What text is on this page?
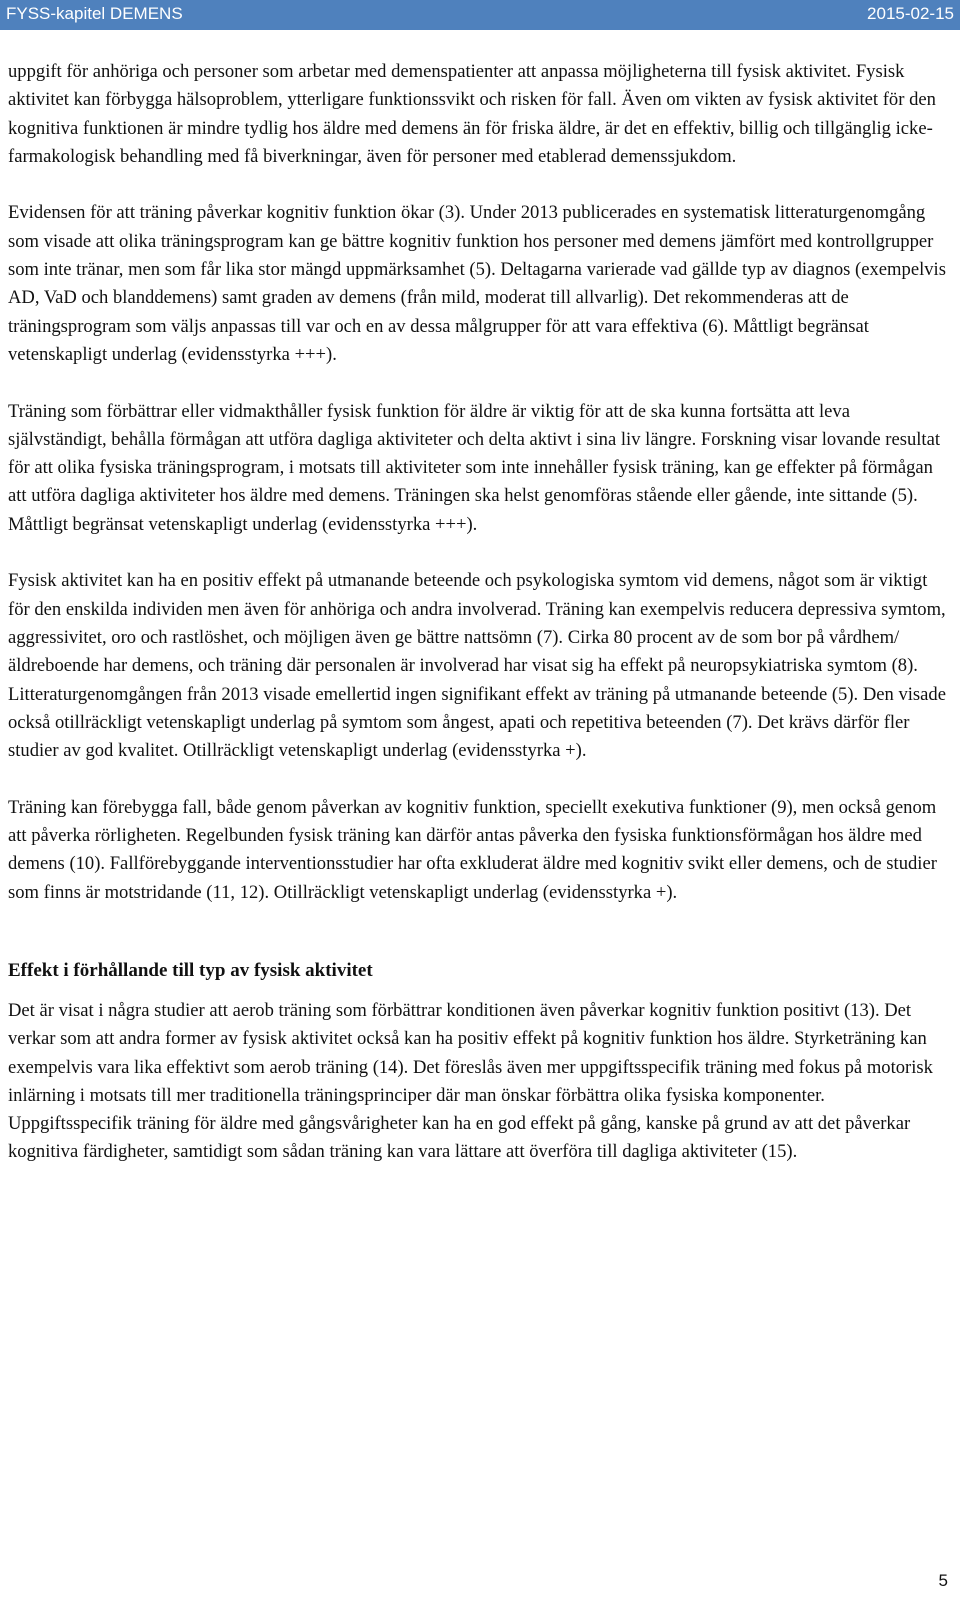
FYSS-kapitel DEMENS	2015-02-15

uppgift för anhöriga och personer som arbetar med demenspatienter att anpassa möjligheterna till fysisk aktivitet. Fysisk aktivitet kan förbygga hälsoproblem, ytterligare funktionssvikt och risken för fall. Även om vikten av fysisk aktivitet för den kognitiva funktionen är mindre tydlig hos äldre med demens än för friska äldre, är det en effektiv, billig och tillgänglig icke-farmakologisk behandling med få biverkningar, även för personer med etablerad demenssjukdom.

Evidensen för att träning påverkar kognitiv funktion ökar (3). Under 2013 publicerades en systematisk litteraturgenomgång som visade att olika träningsprogram kan ge bättre kognitiv funktion hos personer med demens jämfört med kontrollgrupper som inte tränar, men som får lika stor mängd uppmärksamhet (5). Deltagarna varierade vad gällde typ av diagnos (exempelvis AD, VaD och blanddemens) samt graden av demens (från mild, moderat till allvarlig). Det rekommenderas att de träningsprogram som väljs anpassas till var och en av dessa målgrupper för att vara effektiva (6). Måttligt begränsat vetenskapligt underlag (evidensstyrka +++).

Träning som förbättrar eller vidmakthåller fysisk funktion för äldre är viktig för att de ska kunna fortsätta att leva självständigt, behålla förmågan att utföra dagliga aktiviteter och delta aktivt i sina liv längre. Forskning visar lovande resultat för att olika fysiska träningsprogram, i motsats till aktiviteter som inte innehåller fysisk träning, kan ge effekter på förmågan att utföra dagliga aktiviteter hos äldre med demens. Träningen ska helst genomföras stående eller gående, inte sittande (5). Måttligt begränsat vetenskapligt underlag (evidensstyrka +++).

Fysisk aktivitet kan ha en positiv effekt på utmanande beteende och psykologiska symtom vid demens, något som är viktigt för den enskilda individen men även för anhöriga och andra involverad. Träning kan exempelvis reducera depressiva symtom, aggressivitet, oro och rastlöshet, och möjligen även ge bättre nattsömn (7). Cirka 80 procent av de som bor på vårdhem/äldreboende har demens, och träning där personalen är involverad har visat sig ha effekt på neuropsykiatriska symtom (8). Litteraturgenomgången från 2013 visade emellertid ingen signifikant effekt av träning på utmanande beteende (5). Den visade också otillräckligt vetenskapligt underlag på symtom som ångest, apati och repetitiva beteenden (7). Det krävs därför fler studier av god kvalitet. Otillräckligt vetenskapligt underlag (evidensstyrka +).

Träning kan förebygga fall, både genom påverkan av kognitiv funktion, speciellt exekutiva funktioner (9), men också genom att påverka rörligheten. Regelbunden fysisk träning kan därför antas påverka den fysiska funktionsförmågan hos äldre med demens (10). Fallförebyggande interventionsstudier har ofta exkluderat äldre med kognitiv svikt eller demens, och de studier som finns är motstridande (11, 12). Otillräckligt vetenskapligt underlag (evidensstyrka +).

Effekt i förhållande till typ av fysisk aktivitet

Det är visat i några studier att aerob träning som förbättrar konditionen även påverkar kognitiv funktion positivt (13). Det verkar som att andra former av fysisk aktivitet också kan ha positiv effekt på kognitiv funktion hos äldre. Styrketräning kan exempelvis vara lika effektivt som aerob träning (14). Det föreslås även mer uppgiftsspecifik träning med fokus på motorisk inlärning i motsats till mer traditionella träningsprinciper där man önskar förbättra olika fysiska komponenter. Uppgiftsspecifik träning för äldre med gångsvårigheter kan ha en god effekt på gång, kanske på grund av att det påverkar kognitiva färdigheter, samtidigt som sådan träning kan vara lättare att överföra till dagliga aktiviteter (15).

5
